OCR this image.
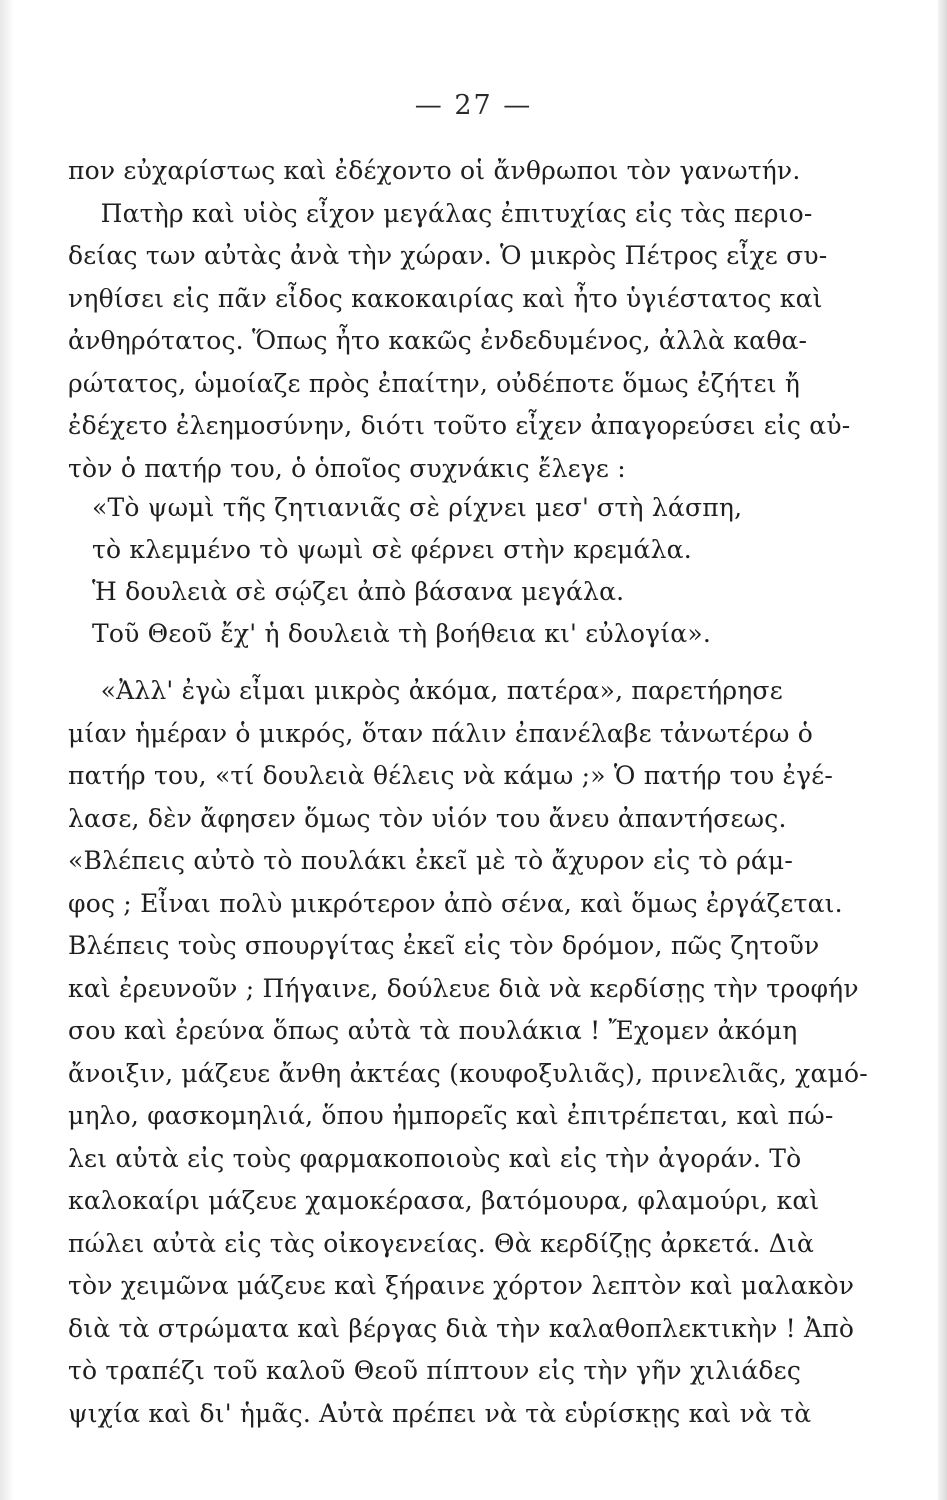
— 27 —
πον εὐχαρίστως καὶ ἐδέχοντο οἱ ἄνθρωποι τὸν γανωτήν.
Πατὴρ καὶ υἱὸς εἶχον μεγάλας ἐπιτυχίας εἰς τὰς περιο-
δείας των αὐτὰς ἀνὰ τὴν χώραν. Ὁ μικρὸς Πέτρος εἶχε συ-
νηθίσει εἰς πᾶν εἶδος κακοκαιρίας καὶ ἦτο ὑγιέστατος καὶ
ἀνθηρότατος. Ὅπως ἦτο κακῶς ἐνδεδυμένος, ἀλλὰ καθα-
ρώτατος, ὡμοίαζε πρὸς ἐπαίτην, οὐδέποτε ὅμως ἐζήτει ἤ
ἐδέχετο ἐλεημοσύνην, διότι τοῦτο εἶχεν ἀπαγορεύσει εἰς αὐ-
τὸν ὁ πατήρ του, ὁ ὁποῖος συχνάκις ἔλεγε :
«Τὸ ψωμὶ τῆς ζητιανιᾶς σὲ ρίχνει μεσ' στὴ λάσπη,
τὸ κλεμμένο τὸ ψωμὶ σὲ φέρνει στὴν κρεμάλα.
Ἡ δουλειὰ σὲ σῴζει ἀπὸ βάσανα μεγάλα.
Τοῦ Θεοῦ ἔχ' ἡ δουλειὰ τὴ βοήθεια κι' εὐλογία».
«Ἀλλ' ἐγὼ εἶμαι μικρὸς ἀκόμα, πατέρα», παρετήρησε
μίαν ἡμέραν ὁ μικρός, ὅταν πάλιν ἐπανέλαβε τἀνωτέρω ὁ
πατήρ του, «τί δουλειὰ θέλεις νὰ κάμω ;» Ὁ πατήρ του ἐγέ-
λασε, δὲν ἄφησεν ὅμως τὸν υἱόν του ἄνευ ἀπαντήσεως.
«Βλέπεις αὐτὸ τὸ πουλάκι ἐκεῖ μὲ τὸ ἄχυρον εἰς τὸ ράμ-
φος ; Εἶναι πολὺ μικρότερον ἀπὸ σένα, καὶ ὅμως ἐργάζεται.
Βλέπεις τοὺς σπουργίτας ἐκεῖ εἰς τὸν δρόμον, πῶς ζητοῦν
καὶ ἐρευνοῦν ; Πήγαινε, δούλευε διὰ νὰ κερδίσῃς τὴν τροφήν
σου καὶ ἐρεύνα ὅπως αὐτὰ τὰ πουλάκια ! Ἔχομεν ἀκόμη
ἄνοιξιν, μάζευε ἄνθη ἀκτέας (κουφοξυλιᾶς), πρινελιᾶς, χαμό-
μηλο, φασκομηλιά, ὅπου ἠμπορεῖς καὶ ἐπιτρέπεται, καὶ πώ-
λει αὐτὰ εἰς τοὺς φαρμακοποιοὺς καὶ εἰς τὴν ἀγοράν. Τὸ
καλοκαίρι μάζευε χαμοκέρασα, βατόμουρα, φλαμούρι, καὶ
πώλει αὐτὰ εἰς τὰς οἰκογενείας. Θὰ κερδίζῃς ἀρκετά. Διὰ
τὸν χειμῶνα μάζευε καὶ ξήραινε χόρτον λεπτὸν καὶ μαλακὸν
διὰ τὰ στρώματα καὶ βέργας διὰ τὴν καλαθοπλεκτικὴν ! Ἀπὸ
τὸ τραπέζι τοῦ καλοῦ Θεοῦ πίπτουν εἰς τὴν γῆν χιλιάδες
ψιχία καὶ δι' ἡμᾶς. Αὐτὰ πρέπει νὰ τὰ εὑρίσκῃς καὶ νὰ τὰ
